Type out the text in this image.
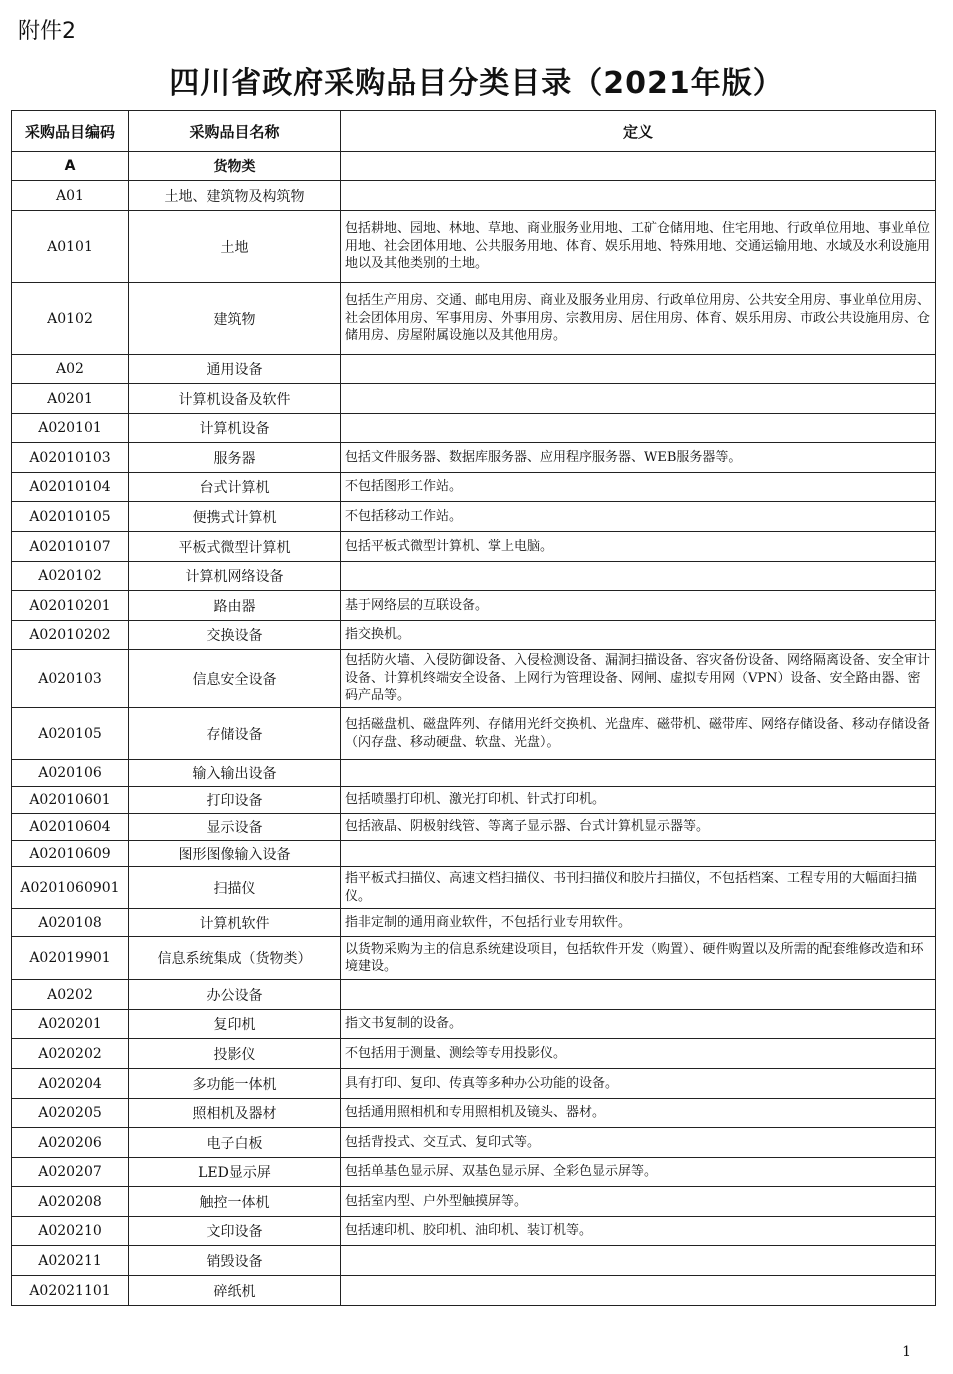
附件2
四川省政府采购品目分类目录（2021年版）
采购品目编码	采购品目名称	定义
A	货物类	
A01	土地、建筑物及构筑物	
A0101	土地	包括耕地、园地、林地、草地、商业服务业用地、工矿仓储用地、住宅用地、行政单位用地、事业单位用地、社会团体用地、公共服务用地、体育、娱乐用地、特殊用地、交通运输用地、水域及水利设施用地以及其他类别的土地。
A0102	建筑物	包括生产用房、交通、邮电用房、商业及服务业用房、行政单位用房、公共安全用房、事业单位用房、社会团体用房、军事用房、外事用房、宗教用房、居住用房、体育、娱乐用房、市政公共设施用房、仓储用房、房屋附属设施以及其他用房。
A02	通用设备	
A0201	计算机设备及软件	
A020101	计算机设备	
A02010103	服务器	包括文件服务器、数据库服务器、应用程序服务器、WEB服务器等。
A02010104	台式计算机	不包括图形工作站。
A02010105	便携式计算机	不包括移动工作站。
A02010107	平板式微型计算机	包括平板式微型计算机、掌上电脑。
A020102	计算机网络设备	
A02010201	路由器	基于网络层的互联设备。
A02010202	交换设备	指交换机。
A020103	信息安全设备	包括防火墙、入侵防御设备、入侵检测设备、漏洞扫描设备、容灾备份设备、网络隔离设备、安全审计设备、计算机终端安全设备、上网行为管理设备、网闸、虚拟专用网（VPN）设备、安全路由器、密码产品等。
A020105	存储设备	包括磁盘机、磁盘阵列、存储用光纤交换机、光盘库、磁带机、磁带库、网络存储设备、移动存储设备（闪存盘、移动硬盘、软盘、光盘）。
A020106	输入输出设备	
A02010601	打印设备	包括喷墨打印机、激光打印机、针式打印机。
A02010604	显示设备	包括液晶、阴极射线管、等离子显示器、台式计算机显示器等。
A02010609	图形图像输入设备	
A0201060901	扫描仪	指平板式扫描仪、高速文档扫描仪、书刊扫描仪和胶片扫描仪，不包括档案、工程专用的大幅面扫描仪。
A020108	计算机软件	指非定制的通用商业软件，不包括行业专用软件。
A02019901	信息系统集成（货物类）	以货物采购为主的信息系统建设项目，包括软件开发（购置）、硬件购置以及所需的配套维修改造和环境建设。
A0202	办公设备	
A020201	复印机	指文书复制的设备。
A020202	投影仪	不包括用于测量、测绘等专用投影仪。
A020204	多功能一体机	具有打印、复印、传真等多种办公功能的设备。
A020205	照相机及器材	包括通用照相机和专用照相机及镜头、器材。
A020206	电子白板	包括背投式、交互式、复印式等。
A020207	LED显示屏	包括单基色显示屏、双基色显示屏、全彩色显示屏等。
A020208	触控一体机	包括室内型、户外型触摸屏等。
A020210	文印设备	包括速印机、胶印机、油印机、装订机等。
A020211	销毁设备	
A02021101	碎纸机	
1
